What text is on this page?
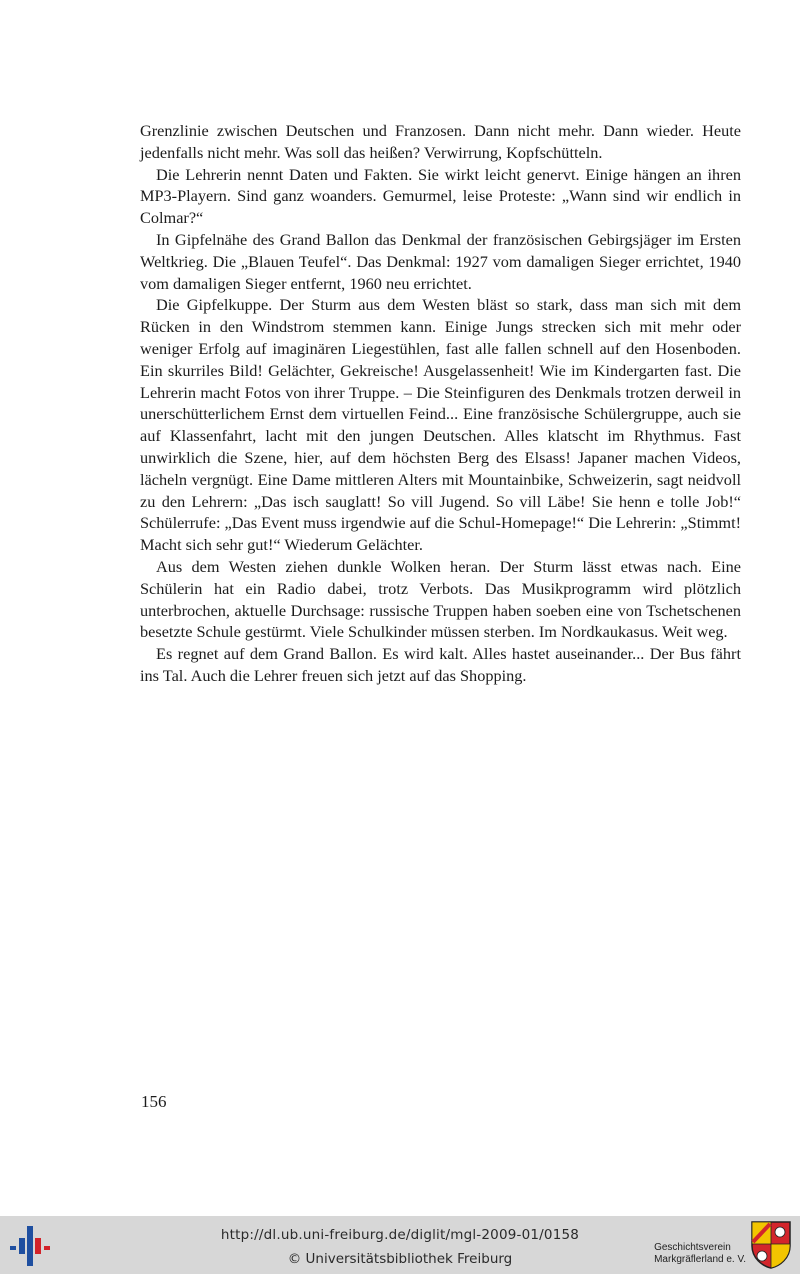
Grenzlinie zwischen Deutschen und Franzosen. Dann nicht mehr. Dann wieder. Heute jedenfalls nicht mehr. Was soll das heißen? Verwirrung, Kopfschütteln.

Die Lehrerin nennt Daten und Fakten. Sie wirkt leicht genervt. Einige hängen an ihren MP3-Playern. Sind ganz woanders. Gemurmel, leise Proteste: „Wann sind wir endlich in Colmar?“

In Gipfelnähe des Grand Ballon das Denkmal der französischen Gebirgsjäger im Ersten Weltkrieg. Die „Blauen Teufel“. Das Denkmal: 1927 vom damaligen Sieger errichtet, 1940 vom damaligen Sieger entfernt, 1960 neu errichtet.

Die Gipfelkuppe. Der Sturm aus dem Westen bläst so stark, dass man sich mit dem Rücken in den Windstrom stemmen kann. Einige Jungs strecken sich mit mehr oder weniger Erfolg auf imaginären Liegestühlen, fast alle fallen schnell auf den Hosenboden. Ein skurriles Bild! Gelächter, Gekreische! Ausgelassenheit! Wie im Kindergarten fast. Die Lehrerin macht Fotos von ihrer Truppe. – Die Steinfiguren des Denkmals trotzen derweil in unerschütterlichem Ernst dem virtuellen Feind... Eine französische Schülergruppe, auch sie auf Klassenfahrt, lacht mit den jungen Deutschen. Alles klatscht im Rhythmus. Fast unwirklich die Szene, hier, auf dem höchsten Berg des Elsass! Japaner machen Videos, lächeln vergnügt. Eine Dame mittleren Alters mit Mountainbike, Schweizerin, sagt neidvoll zu den Lehrern: „Das isch sauglatt! So vill Jugend. So vill Läbe! Sie henn e tolle Job!“ Schülerrufe: „Das Event muss irgendwie auf die Schul-Homepage!“ Die Lehrerin: „Stimmt! Macht sich sehr gut!“ Wiederum Gelächter.

Aus dem Westen ziehen dunkle Wolken heran. Der Sturm lässt etwas nach. Eine Schülerin hat ein Radio dabei, trotz Verbots. Das Musikprogramm wird plötzlich unterbrochen, aktuelle Durchsage: russische Truppen haben soeben eine von Tschetschenen besetzte Schule gestürmt. Viele Schulkinder müssen sterben. Im Nordkaukasus. Weit weg.

Es regnet auf dem Grand Ballon. Es wird kalt. Alles hastet auseinander... Der Bus fährt ins Tal. Auch die Lehrer freuen sich jetzt auf das Shopping.

156
http://dl.ub.uni-freiburg.de/diglit/mgl-2009-01/0158
© Universitätsbibliothek Freiburg
Geschichtsverein
Markgräflerland e. V.
